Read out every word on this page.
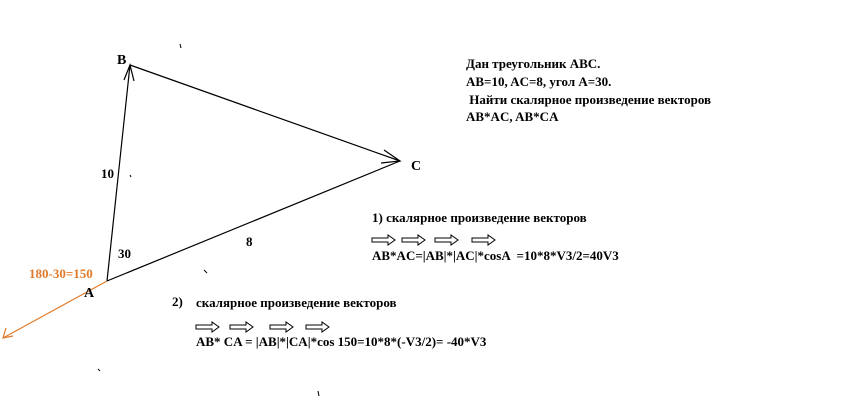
B
C
A
10
8
30
180-30=150
Дан треугольник ABC.
AB=10, AC=8, угол A=30.
Найти скалярное произведение векторов
AB*AC, AB*CA
1) скалярное произведение векторов
AB*AC=|AB|*|AC|*cosA  =10*8*V3/2=40V3
2) скалярное произведение векторов
AB* CA = |AB|*|CA|*cos 150=10*8*(-V3/2)= -40*V3
